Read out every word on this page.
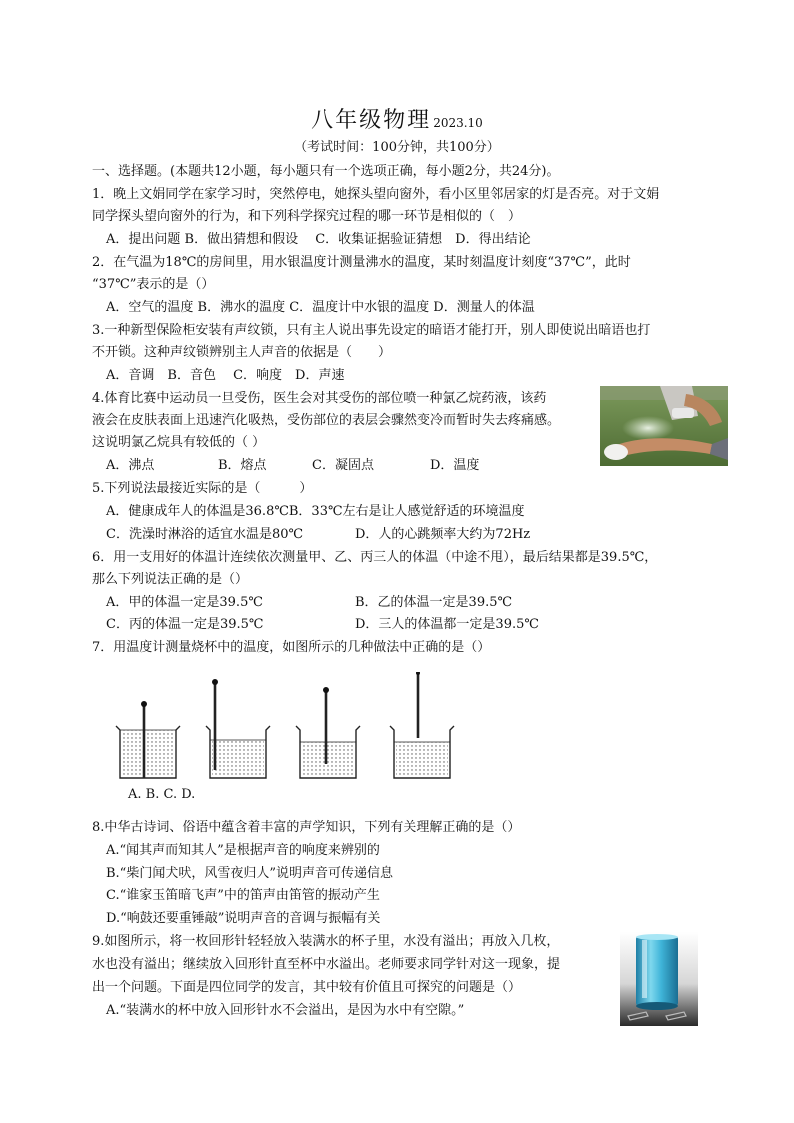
八年级物理 2023.10
（考试时间：100分钟，共100分）
一、选择题。(本题共12小题，每小题只有一个选项正确，每小题2分，共24分)。
1．晚上文娟同学在家学习时，突然停电，她探头望向窗外，看小区里邻居家的灯是否亮。对于文娟
同学探头望向窗外的行为，和下列科学探究过程的哪一环节是相似的（　）
A．提出问题 B．做出猜想和假设　 C．收集证据验证猜想　D．得出结论
2．在气温为18℃的房间里，用水银温度计测量沸水的温度，某时刻温度计刻度“37℃”，此时
“37℃”表示的是（）
A．空气的温度 B．沸水的温度 C．温度计中水银的温度 D．测量人的体温
3.一种新型保险柜安装有声纹锁，只有主人说出事先设定的暗语才能打开，别人即使说出暗语也打
不开锁。这种声纹锁辨别主人声音的依据是（　　）
A．音调　B．音色　 C．响度　D．声速
4.体育比赛中运动员一旦受伤，医生会对其受伤的部位喷一种氯乙烷药液，该药
液会在皮肤表面上迅速汽化吸热，受伤部位的表层会骤然变冷而暂时失去疼痛感。
这说明氯乙烷具有较低的（ ）
A．沸点	B．熔点	C．凝固点	D．温度
5.下列说法最接近实际的是（　　　）
A．健康成年人的体温是36.8℃B．33℃左右是让人感觉舒适的环境温度
C．洗澡时淋浴的适宜水温是80℃	D．人的心跳频率大约为72Hz
6．用一支用好的体温计连续依次测量甲、乙、丙三人的体温（中途不甩），最后结果都是39.5℃，
那么下列说法正确的是（）
A．甲的体温一定是39.5℃	B．乙的体温一定是39.5℃
C．丙的体温一定是39.5℃	D．三人的体温都一定是39.5℃
7．用温度计测量烧杯中的温度，如图所示的几种做法中正确的是（）
A. B. C. D.
8.中华古诗词、俗语中蕴含着丰富的声学知识，下列有关理解正确的是（）
A.“闻其声而知其人”是根据声音的响度来辨别的
B.“柴门闻犬吠，风雪夜归人”说明声音可传递信息
C.“谁家玉笛暗飞声”中的笛声由笛管的振动产生
D.“响鼓还要重锤敲”说明声音的音调与振幅有关
9.如图所示，将一枚回形针轻轻放入装满水的杯子里，水没有溢出；再放入几枚，
水也没有溢出；继续放入回形针直至杯中水溢出。老师要求同学针对这一现象，提
出一个问题。下面是四位同学的发言，其中较有价值且可探究的问题是（）
A.“装满水的杯中放入回形针水不会溢出，是因为水中有空隙。”
